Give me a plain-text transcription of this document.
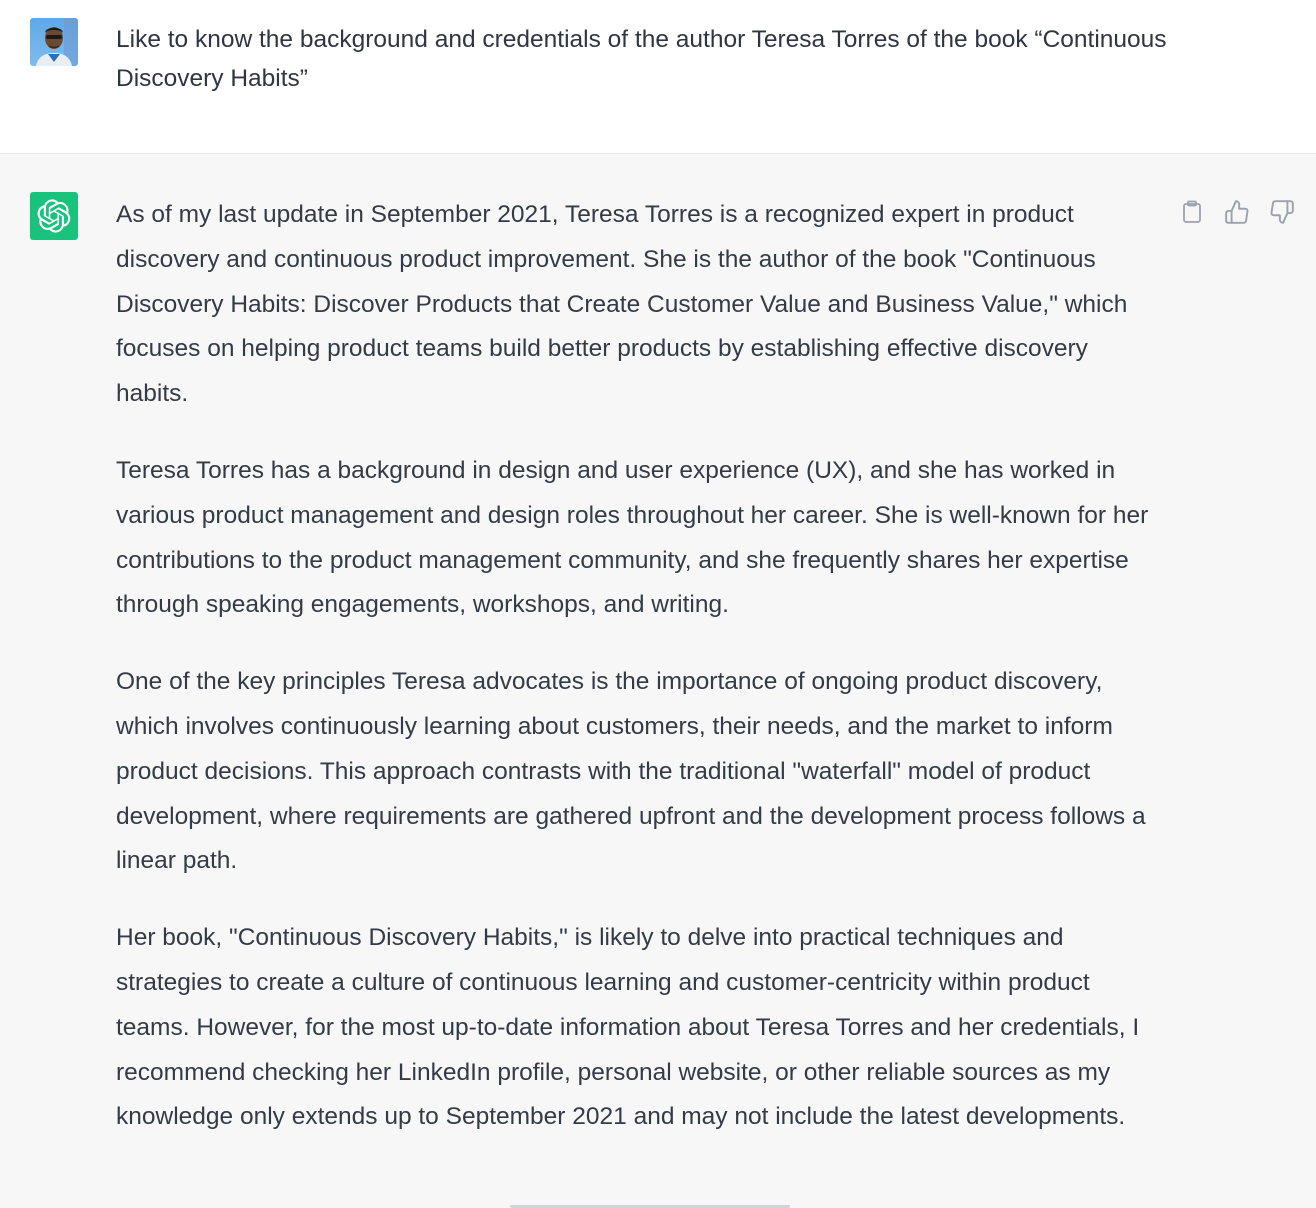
Like to know the background and credentials of the author Teresa Torres of the book “Continuous Discovery Habits”

As of my last update in September 2021, Teresa Torres is a recognized expert in product discovery and continuous product improvement. She is the author of the book "Continuous Discovery Habits: Discover Products that Create Customer Value and Business Value," which focuses on helping product teams build better products by establishing effective discovery habits.

Teresa Torres has a background in design and user experience (UX), and she has worked in various product management and design roles throughout her career. She is well-known for her contributions to the product management community, and she frequently shares her expertise through speaking engagements, workshops, and writing.

One of the key principles Teresa advocates is the importance of ongoing product discovery, which involves continuously learning about customers, their needs, and the market to inform product decisions. This approach contrasts with the traditional "waterfall" model of product development, where requirements are gathered upfront and the development process follows a linear path.

Her book, "Continuous Discovery Habits," is likely to delve into practical techniques and strategies to create a culture of continuous learning and customer-centricity within product teams. However, for the most up-to-date information about Teresa Torres and her credentials, I recommend checking her LinkedIn profile, personal website, or other reliable sources as my knowledge only extends up to September 2021 and may not include the latest developments.
